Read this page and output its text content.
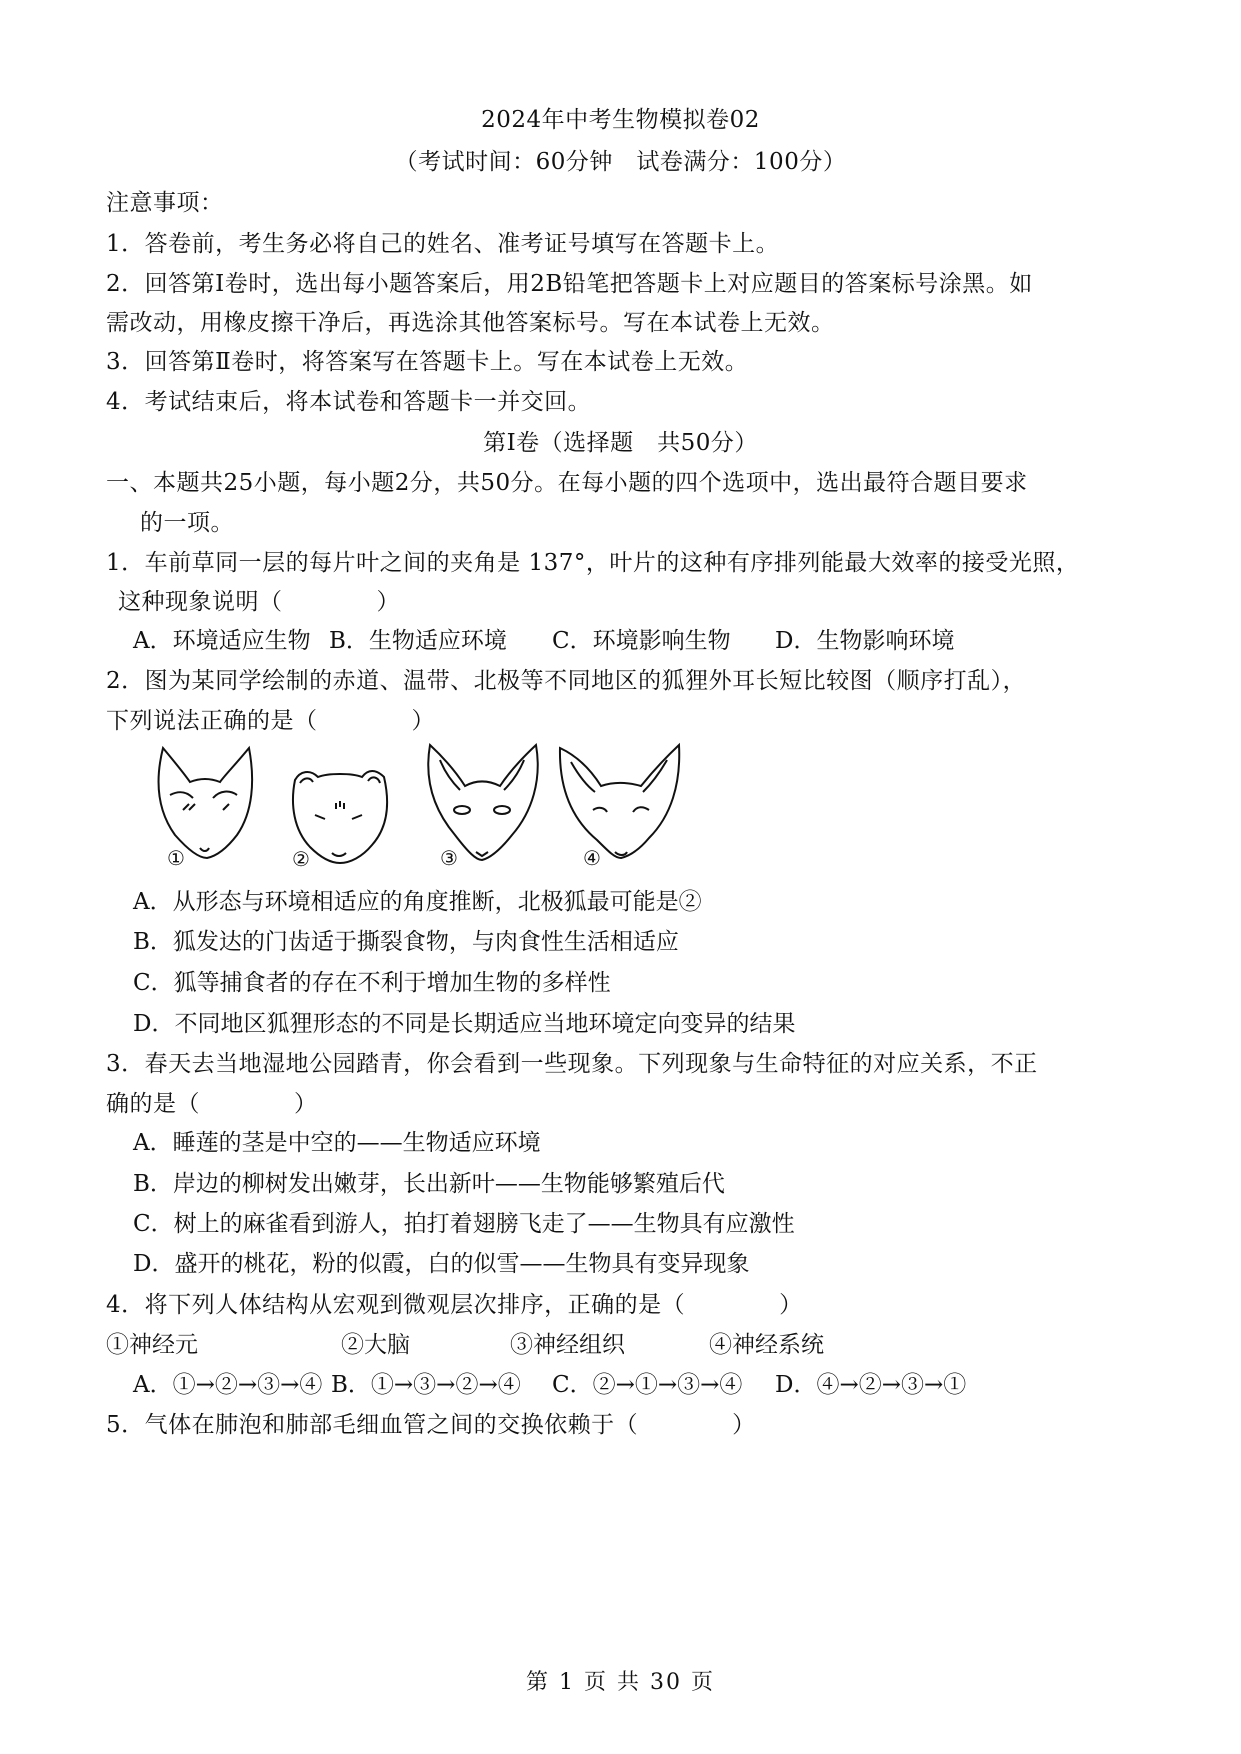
2024年中考生物模拟卷02
（考试时间：60分钟　试卷满分：100分）
注意事项：
1．答卷前，考生务必将自己的姓名、准考证号填写在答题卡上。
2．回答第Ⅰ卷时，选出每小题答案后，用2B铅笔把答题卡上对应题目的答案标号涂黑。如
需改动，用橡皮擦干净后，再选涂其他答案标号。写在本试卷上无效。
3．回答第Ⅱ卷时，将答案写在答题卡上。写在本试卷上无效。
4．考试结束后，将本试卷和答题卡一并交回。
第Ⅰ卷（选择题　共50分）
一、本题共25小题，每小题2分，共50分。在每小题的四个选项中，选出最符合题目要求
的一项。
1．车前草同一层的每片叶之间的夹角是 137°，叶片的这种有序排列能最大效率的接受光照，
这种现象说明（　　　　）
A．环境适应生物 B．生物适应环境 C．环境影响生物 D．生物影响环境
2．图为某同学绘制的赤道、温带、北极等不同地区的狐狸外耳长短比较图（顺序打乱），
下列说法正确的是（　　　　）
①	②	③	④
A．从形态与环境相适应的角度推断，北极狐最可能是②
B．狐发达的门齿适于撕裂食物，与肉食性生活相适应
C．狐等捕食者的存在不利于增加生物的多样性
D．不同地区狐狸形态的不同是长期适应当地环境定向变异的结果
3．春天去当地湿地公园踏青，你会看到一些现象。下列现象与生命特征的对应关系，不正
确的是（　　　　）
A．睡莲的茎是中空的——生物适应环境
B．岸边的柳树发出嫩芽，长出新叶——生物能够繁殖后代
C．树上的麻雀看到游人，拍打着翅膀飞走了——生物具有应激性
D．盛开的桃花，粉的似霞，白的似雪——生物具有变异现象
4．将下列人体结构从宏观到微观层次排序，正确的是（　　　　）
①神经元	②大脑	③神经组织	④神经系统
A．①→②→③→④ B．①→③→②→④ C．②→①→③→④ D．④→②→③→①
5．气体在肺泡和肺部毛细血管之间的交换依赖于（　　　　）
第 1 页 共 30 页
